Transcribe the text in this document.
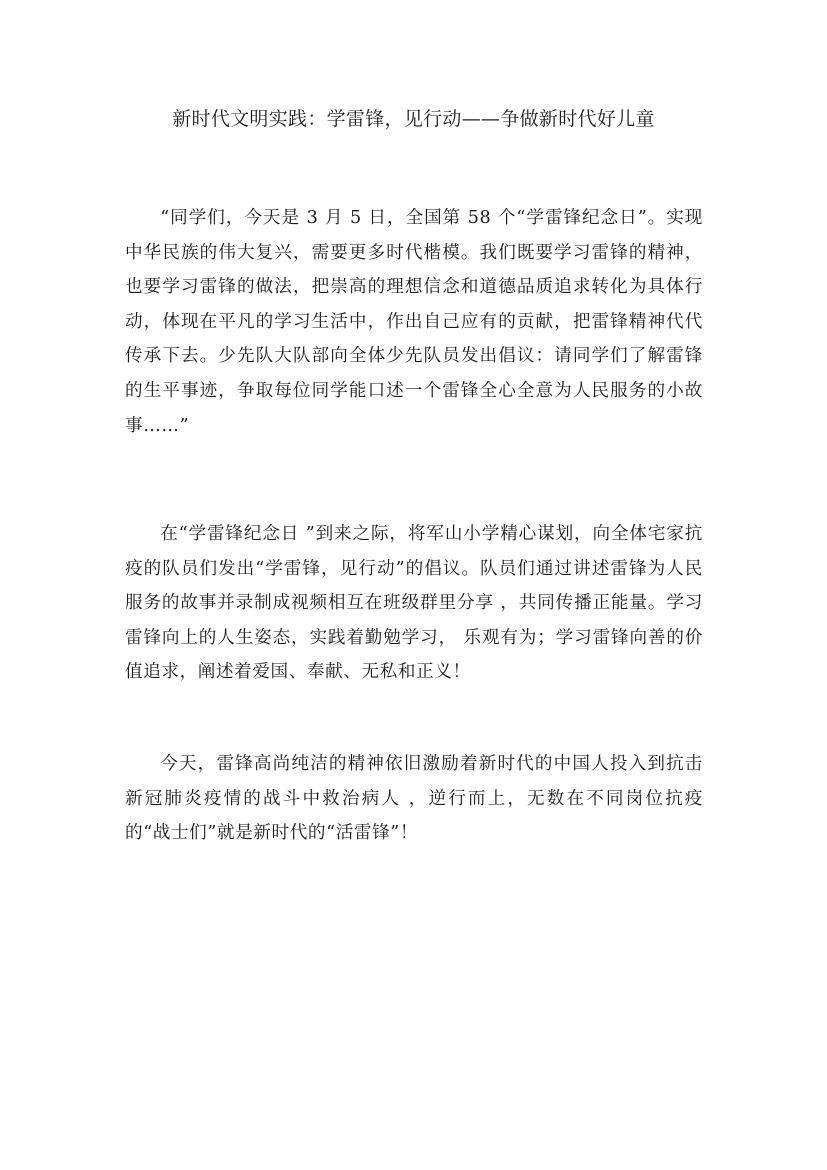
新时代文明实践：学雷锋，见行动——争做新时代好儿童

“同学们，今天是 3 月 5 日，全国第 58 个“学雷锋纪念日”。实现中华民族的伟大复兴，需要更多时代楷模。我们既要学习雷锋的精神，也要学习雷锋的做法，把崇高的理想信念和道德品质追求转化为具体行动，体现在平凡的学习生活中，作出自己应有的贡献，把雷锋精神代代传承下去。少先队大队部向全体少先队员发出倡议：请同学们了解雷锋的生平事迹，争取每位同学能口述一个雷锋全心全意为人民服务的小故事……”

在“学雷锋纪念日 ”到来之际，将军山小学精心谋划，向全体宅家抗疫的队员们发出“学雷锋，见行动”的倡议。队员们通过讲述雷锋为人民服务的故事并录制成视频相互在班级群里分享 ，共同传播正能量。学习雷锋向上的人生姿态，实践着勤勉学习， 乐观有为；学习雷锋向善的价值追求，阐述着爱国、奉献、无私和正义！

今天，雷锋高尚纯洁的精神依旧激励着新时代的中国人投入到抗击新冠肺炎疫情的战斗中救治病人 ，逆行而上，无数在不同岗位抗疫的“战士们”就是新时代的“活雷锋”！
